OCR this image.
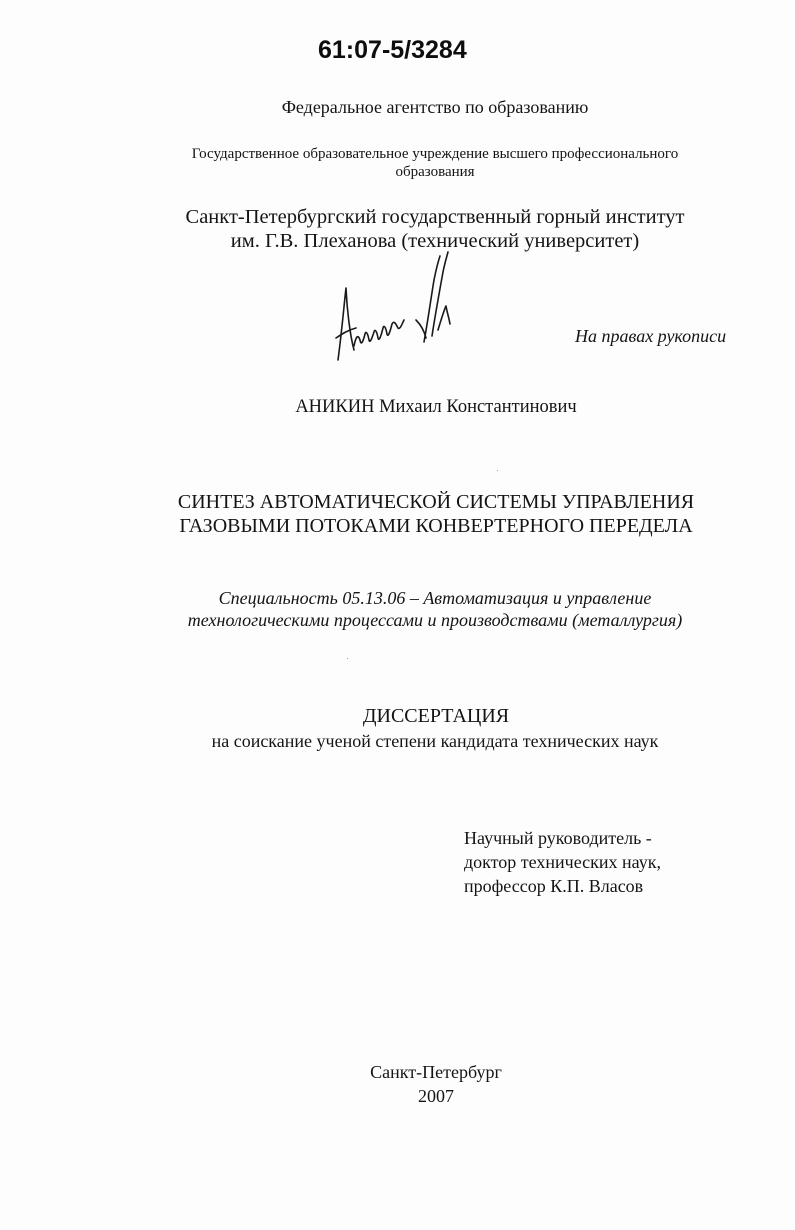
61:07-5/3284
Федеральное агентство по образованию
Государственное образовательное учреждение высшего профессионального
образования
Санкт-Петербургский государственный горный институт
им. Г.В. Плеханова (технический университет)
На правах рукописи
АНИКИН Михаил Константинович
СИНТЕЗ АВТОМАТИЧЕСКОЙ СИСТЕМЫ УПРАВЛЕНИЯ
ГАЗОВЫМИ ПОТОКАМИ КОНВЕРТЕРНОГО ПЕРЕДЕЛА
Специальность 05.13.06 – Автоматизация и управление
технологическими процессами и производствами (металлургия)
ДИССЕРТАЦИЯ
на соискание ученой степени кандидата технических наук
Научный руководитель -
доктор технических наук,
профессор К.П. Власов
Санкт-Петербург
2007
